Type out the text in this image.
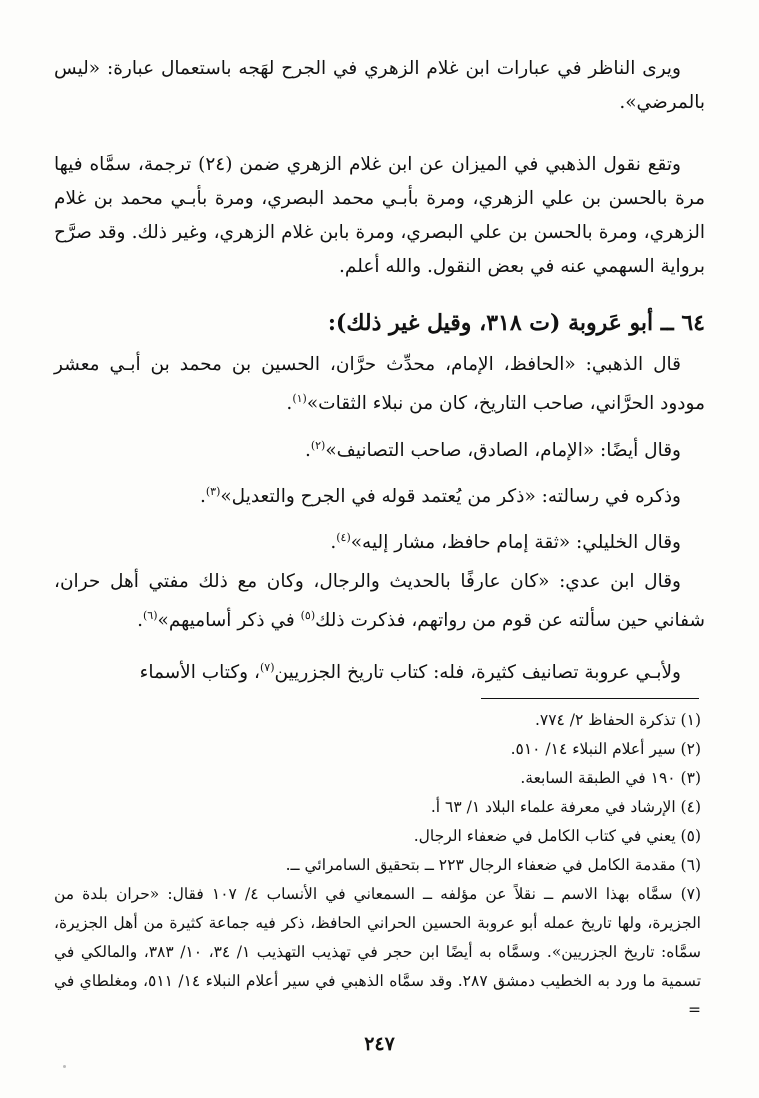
ويرى الناظر في عبارات ابن غلام الزهري في الجرح لهَجه باستعمال عبارة: «ليس بالمرضي».

وتقع نقول الذهبي في الميزان عن ابن غلام الزهري ضمن (٢٤) ترجمة، سمَّاه فيها مرة بالحسن بن علي الزهري، ومرة بأبـي محمد البصري، ومرة بأبـي محمد بن غلام الزهري، ومرة بالحسن بن علي البصري، ومرة بابن غلام الزهري، وغير ذلك. وقد صرَّح برواية السهمي عنه في بعض النقول. والله أعلم.

٦٤ ــ أبو عَروبة (ت ٣١٨، وقيل غير ذلك):

قال الذهبي: «الحافظ، الإمام، محدِّث حرَّان، الحسين بن محمد بن أبـي معشر مودود الحرَّاني، صاحب التاريخ، كان من نبلاء الثقات»$^{(١)}$.

وقال أيضًا: «الإمام، الصادق، صاحب التصانيف»$^{(٢)}$.

وذكره في رسالته: «ذكر من يُعتمد قوله في الجرح والتعديل»$^{(٣)}$.

وقال الخليلي: «ثقة إمام حافظ، مشار إليه»$^{(٤)}$.

وقال ابن عدي: «كان عارفًا بالحديث والرجال، وكان مع ذلك مفتي أهل حران، شفاني حين سألته عن قوم من رواتهم، فذكرت ذلك$^{(٥)}$ في ذكر أساميهم»$^{(٦)}$.

ولأبـي عروبة تصانيف كثيرة، فله: كتاب تاريخ الجزريين$^{(٧)}$، وكتاب الأسماء

(١) تذكرة الحفاظ ٢/ ٧٧٤.
(٢) سير أعلام النبلاء ١٤/ ٥١٠.
(٣) ١٩٠ في الطبقة السابعة.
(٤) الإرشاد في معرفة علماء البلاد ١/ ٦٣ أ.
(٥) يعني في كتاب الكامل في ضعفاء الرجال.
(٦) مقدمة الكامل في ضعفاء الرجال ٢٢٣ ــ بتحقيق السامرائي ــ.
(٧) سمَّاه بهذا الاسم ــ نقلاً عن مؤلفه ــ السمعاني في الأنساب ٤/ ١٠٧ فقال: «حران بلدة من الجزيرة، ولها تاريخ عمله أبو عروبة الحسين الحراني الحافظ، ذكر فيه جماعة كثيرة من أهل الجزيرة، سمَّاه: تاريخ الجزريين». وسمَّاه به أيضًا ابن حجر في تهذيب التهذيب ١/ ٣٤، ١٠/ ٣٨٣، والمالكي في تسمية ما ورد به الخطيب دمشق ٢٨٧. وقد سمَّاه الذهبي في سير أعلام النبلاء ١٤/ ٥١١، ومغلطاي في =
٢٤٧
